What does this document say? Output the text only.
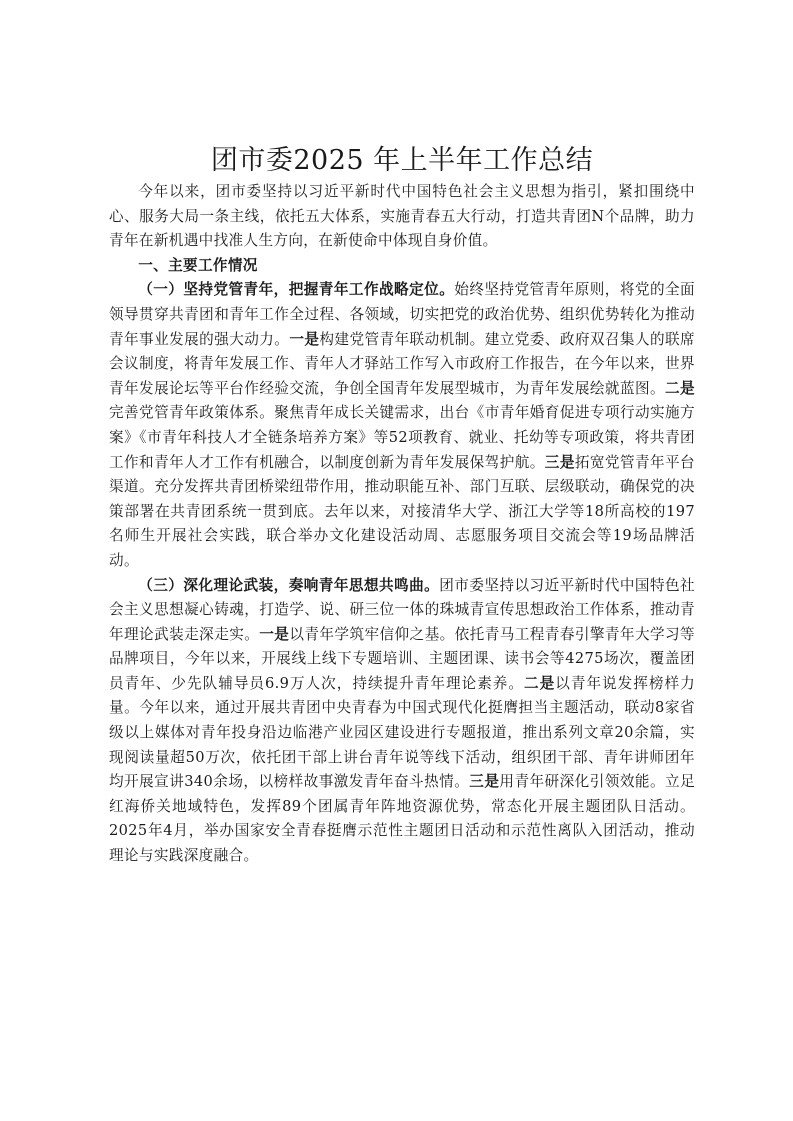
团市委2025 年上半年工作总结

今年以来，团市委坚持以习近平新时代中国特色社会主义思想为指引，紧扣围绕中心、服务大局一条主线，依托五大体系，实施青春五大行动，打造共青团N个品牌，助力青年在新机遇中找准人生方向，在新使命中体现自身价值。

一、主要工作情况

（一）坚持党管青年，把握青年工作战略定位。始终坚持党管青年原则，将党的全面领导贯穿共青团和青年工作全过程、各领域，切实把党的政治优势、组织优势转化为推动青年事业发展的强大动力。一是构建党管青年联动机制。建立党委、政府双召集人的联席会议制度，将青年发展工作、青年人才驿站工作写入市政府工作报告，在今年以来，世界青年发展论坛等平台作经验交流，争创全国青年发展型城市，为青年发展绘就蓝图。二是完善党管青年政策体系。聚焦青年成长关键需求，出台《市青年婚育促进专项行动实施方案》《市青年科技人才全链条培养方案》等52项教育、就业、托幼等专项政策，将共青团工作和青年人才工作有机融合，以制度创新为青年发展保驾护航。三是拓宽党管青年平台渠道。充分发挥共青团桥梁纽带作用，推动职能互补、部门互联、层级联动，确保党的决策部署在共青团系统一贯到底。去年以来，对接清华大学、浙江大学等18所高校的197名师生开展社会实践，联合举办文化建设活动周、志愿服务项目交流会等19场品牌活动。

（三）深化理论武装，奏响青年思想共鸣曲。团市委坚持以习近平新时代中国特色社会主义思想凝心铸魂，打造学、说、研三位一体的珠城青宣传思想政治工作体系，推动青年理论武装走深走实。一是以青年学筑牢信仰之基。依托青马工程青春引擎青年大学习等品牌项目，今年以来，开展线上线下专题培训、主题团课、读书会等4275场次，覆盖团员青年、少先队辅导员6.9万人次，持续提升青年理论素养。二是以青年说发挥榜样力量。今年以来，通过开展共青团中央青春为中国式现代化挺膺担当主题活动，联动8家省级以上媒体对青年投身沿边临港产业园区建设进行专题报道，推出系列文章20余篇，实现阅读量超50万次，依托团干部上讲台青年说等线下活动，组织团干部、青年讲师团年均开展宣讲340余场，以榜样故事激发青年奋斗热情。三是用青年研深化引领效能。立足红海侨关地域特色，发挥89个团属青年阵地资源优势，常态化开展主题团队日活动。2025年4月，举办国家安全青春挺膺示范性主题团日活动和示范性离队入团活动，推动理论与实践深度融合。
